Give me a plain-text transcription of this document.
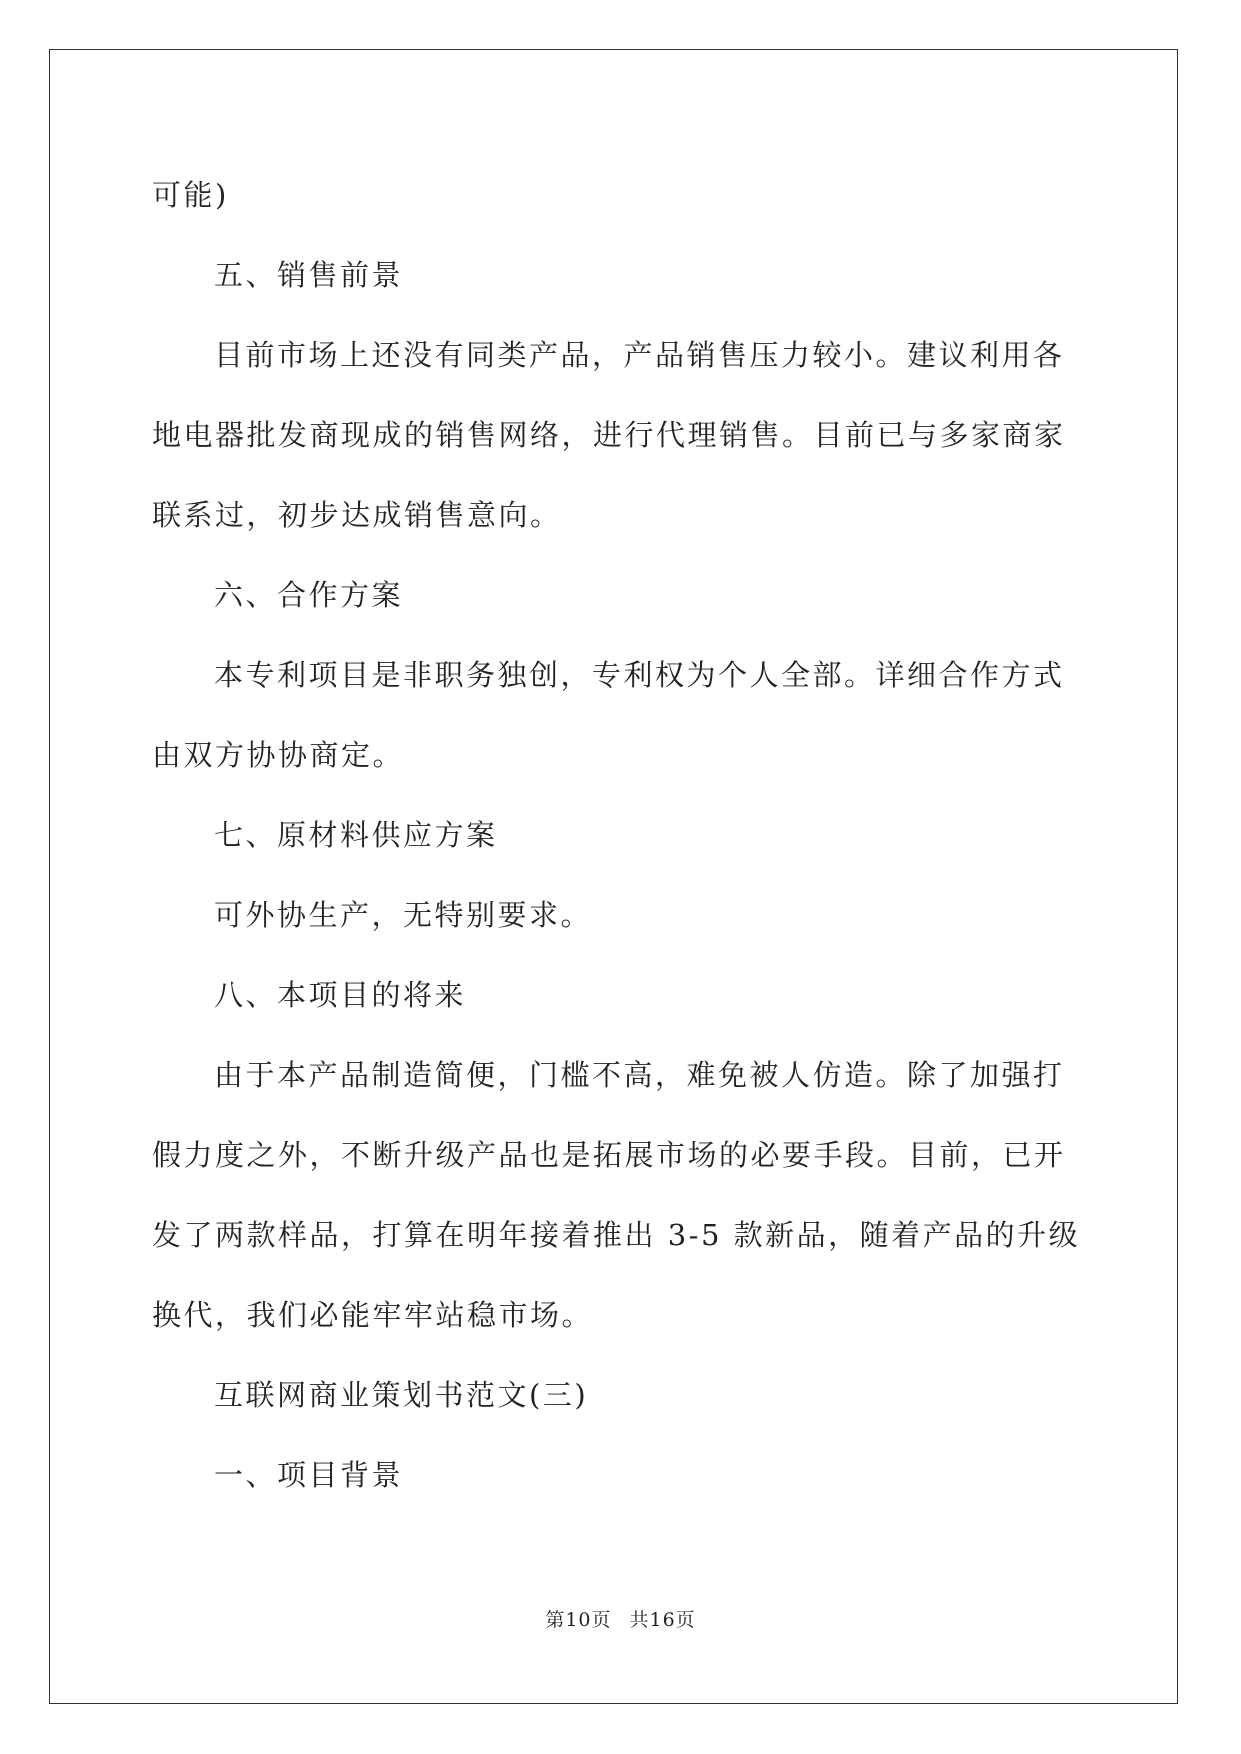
可能)

五、销售前景

目前市场上还没有同类产品，产品销售压力较小。建议利用各地电器批发商现成的销售网络，进行代理销售。目前已与多家商家联系过，初步达成销售意向。

六、合作方案

本专利项目是非职务独创，专利权为个人全部。详细合作方式由双方协协商定。

七、原材料供应方案

可外协生产，无特别要求。

八、本项目的将来

由于本产品制造简便，门槛不高，难免被人仿造。除了加强打假力度之外，不断升级产品也是拓展市场的必要手段。目前，已开发了两款样品，打算在明年接着推出 3-5 款新品，随着产品的升级换代，我们必能牢牢站稳市场。

互联网商业策划书范文(三)

一、项目背景

第10页 共16页
